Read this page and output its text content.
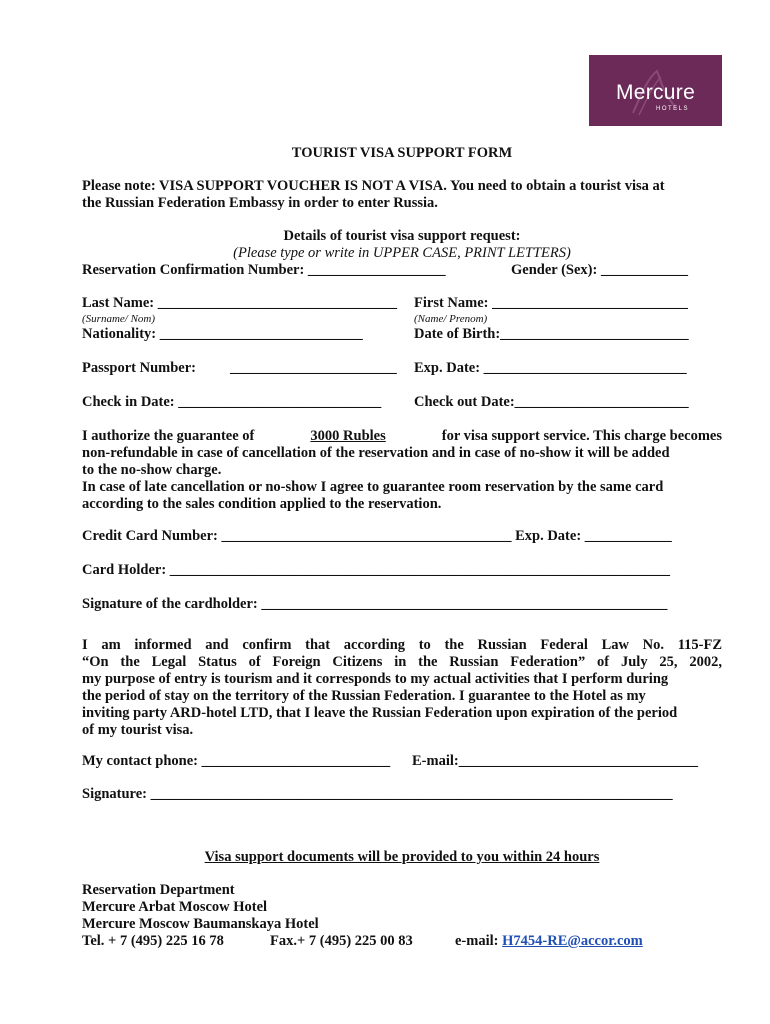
Mercure
HOTELS
TOURIST VISA SUPPORT FORM
Please note: VISA SUPPORT VOUCHER IS NOT A VISA. You need to obtain a tourist visa at
the Russian Federation Embassy in order to enter Russia.
Details of tourist visa support request:
(Please type or write in UPPER CASE, PRINT LETTERS)
Reservation Confirmation Number: ___________________	Gender (Sex): ____________
Last Name: _________________________________ First Name: ___________________________
(Surname/ Nom)	(Name/ Prenom)
Nationality: ____________________________	Date of Birth:__________________________
Passport Number: _______________________ Exp. Date: ____________________________
Check in Date: ____________________________ Check out Date:________________________
I authorize the guarantee of	3000 Rubles	for visa support service. This charge becomes
non-refundable in case of cancellation of the reservation and in case of no-show it will be added
to the no-show charge.
In case of late cancellation or no-show I agree to guarantee room reservation by the same card
according to the sales condition applied to the reservation.
Credit Card Number: ________________________________________ Exp. Date: ____________
Card Holder: _____________________________________________________________________
Signature of the cardholder: ________________________________________________________
I am informed and confirm that according to the Russian Federal Law No. 115-FZ
“On the Legal Status of Foreign Citizens in the Russian Federation” of July 25, 2002,
my purpose of entry is tourism and it corresponds to my actual activities that I perform during
the period of stay on the territory of the Russian Federation. I guarantee to the Hotel as my
inviting party ARD-hotel LTD, that I leave the Russian Federation upon expiration of the period
of my tourist visa.
My contact phone: __________________________ E-mail:_________________________________
Signature: ________________________________________________________________________
Visa support documents will be provided to you within 24 hours
Reservation Department
Mercure Arbat Moscow Hotel
Mercure Moscow Baumanskaya Hotel
Tel. + 7 (495) 225 16 78	Fax.+ 7 (495) 225 00 83	e-mail: H7454-RE@accor.com
